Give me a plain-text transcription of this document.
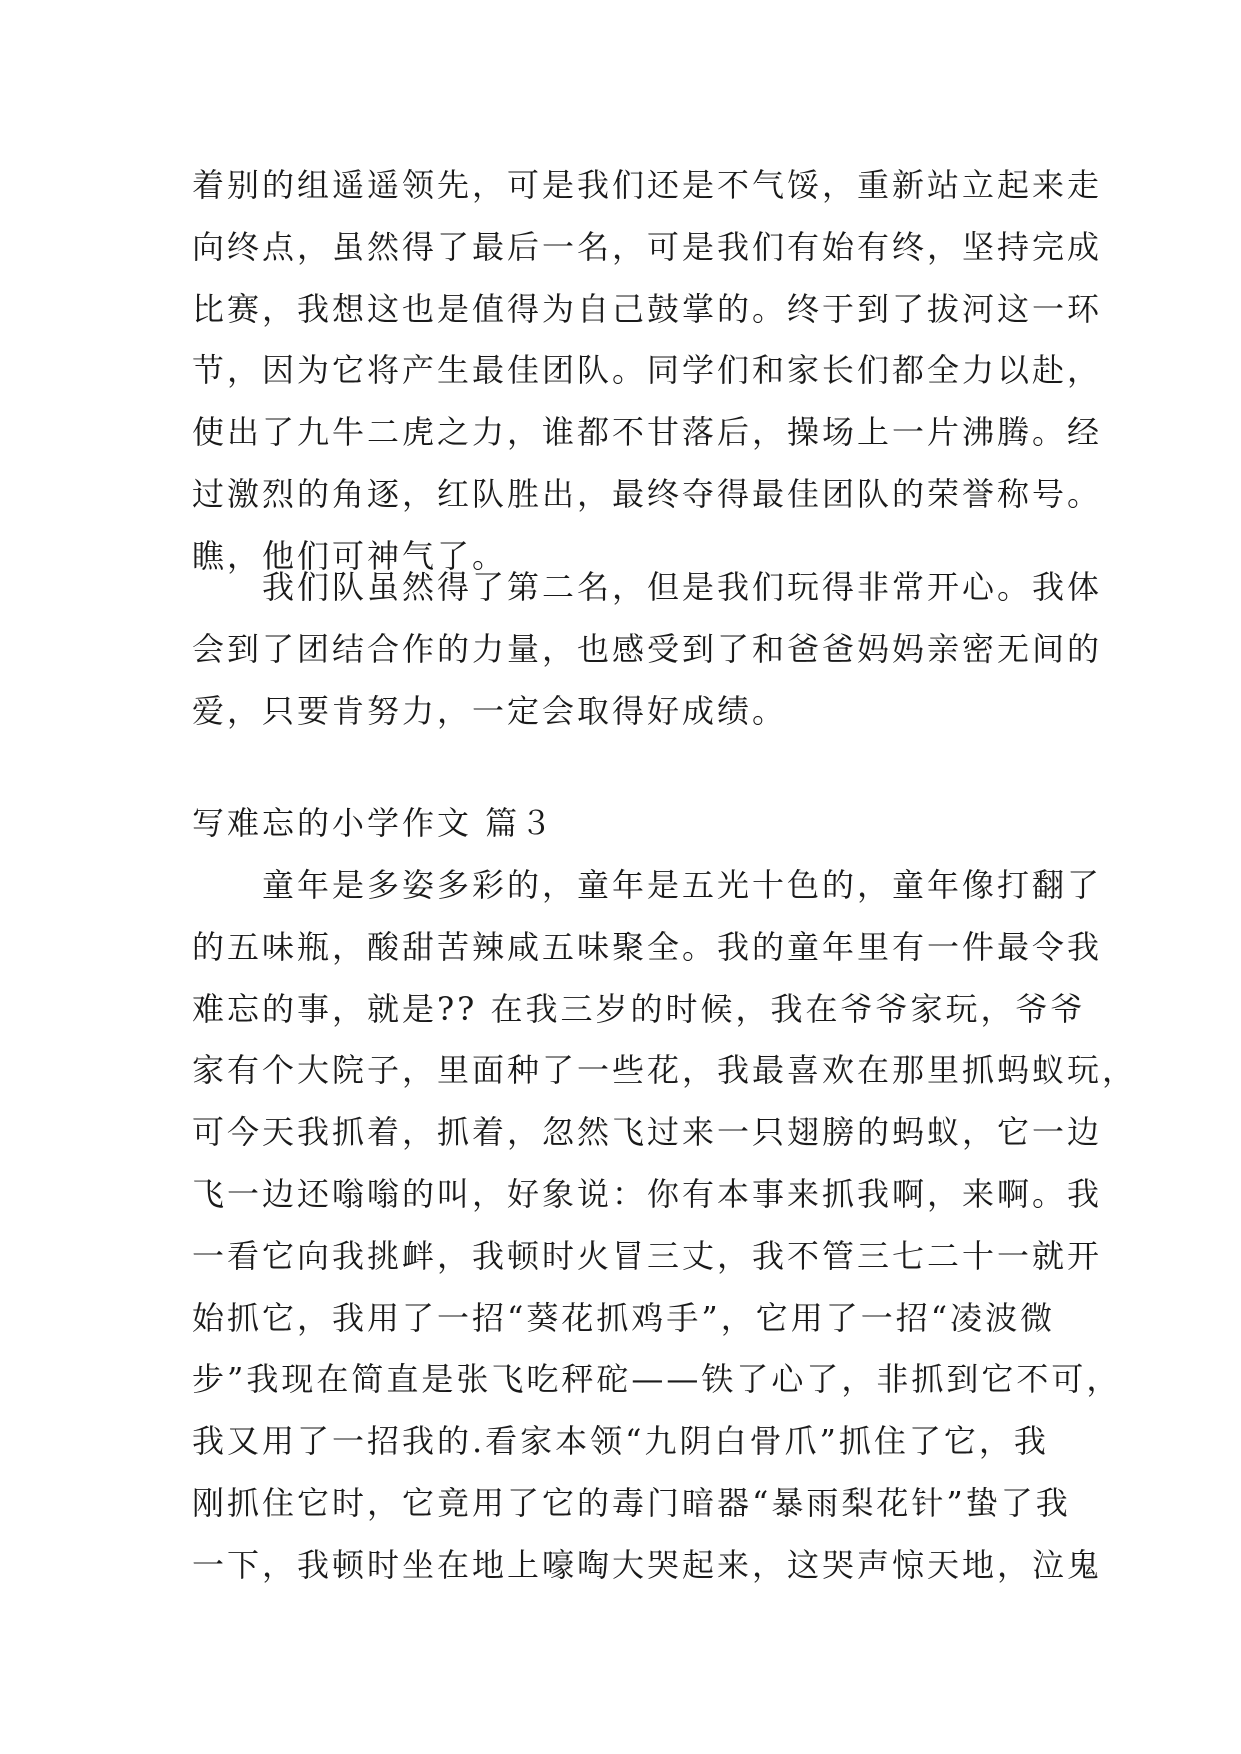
着别的组遥遥领先，可是我们还是不气馁，重新站立起来走
向终点，虽然得了最后一名，可是我们有始有终，坚持完成
比赛，我想这也是值得为自己鼓掌的。终于到了拔河这一环
节，因为它将产生最佳团队。同学们和家长们都全力以赴，
使出了九牛二虎之力，谁都不甘落后，操场上一片沸腾。经
过激烈的角逐，红队胜出，最终夺得最佳团队的荣誉称号。
瞧，他们可神气了。
　　我们队虽然得了第二名，但是我们玩得非常开心。我体
会到了团结合作的力量，也感受到了和爸爸妈妈亲密无间的
爱，只要肯努力，一定会取得好成绩。
写难忘的小学作文 篇３
　　童年是多姿多彩的，童年是五光十色的，童年像打翻了
的五味瓶，酸甜苦辣咸五味聚全。我的童年里有一件最令我
难忘的事，就是?? 在我三岁的时候，我在爷爷家玩，爷爷
家有个大院子，里面种了一些花，我最喜欢在那里抓蚂蚁玩，
可今天我抓着，抓着，忽然飞过来一只翅膀的蚂蚁，它一边
飞一边还嗡嗡的叫，好象说：你有本事来抓我啊，来啊。我
一看它向我挑衅，我顿时火冒三丈，我不管三七二十一就开
始抓它，我用了一招“葵花抓鸡手”，它用了一招“凌波微
步”我现在简直是张飞吃秤砣——铁了心了，非抓到它不可，
我又用了一招我的.看家本领“九阴白骨爪”抓住了它，我
刚抓住它时，它竟用了它的毒门暗器“暴雨梨花针”蛰了我
一下，我顿时坐在地上嚎啕大哭起来，这哭声惊天地，泣鬼
